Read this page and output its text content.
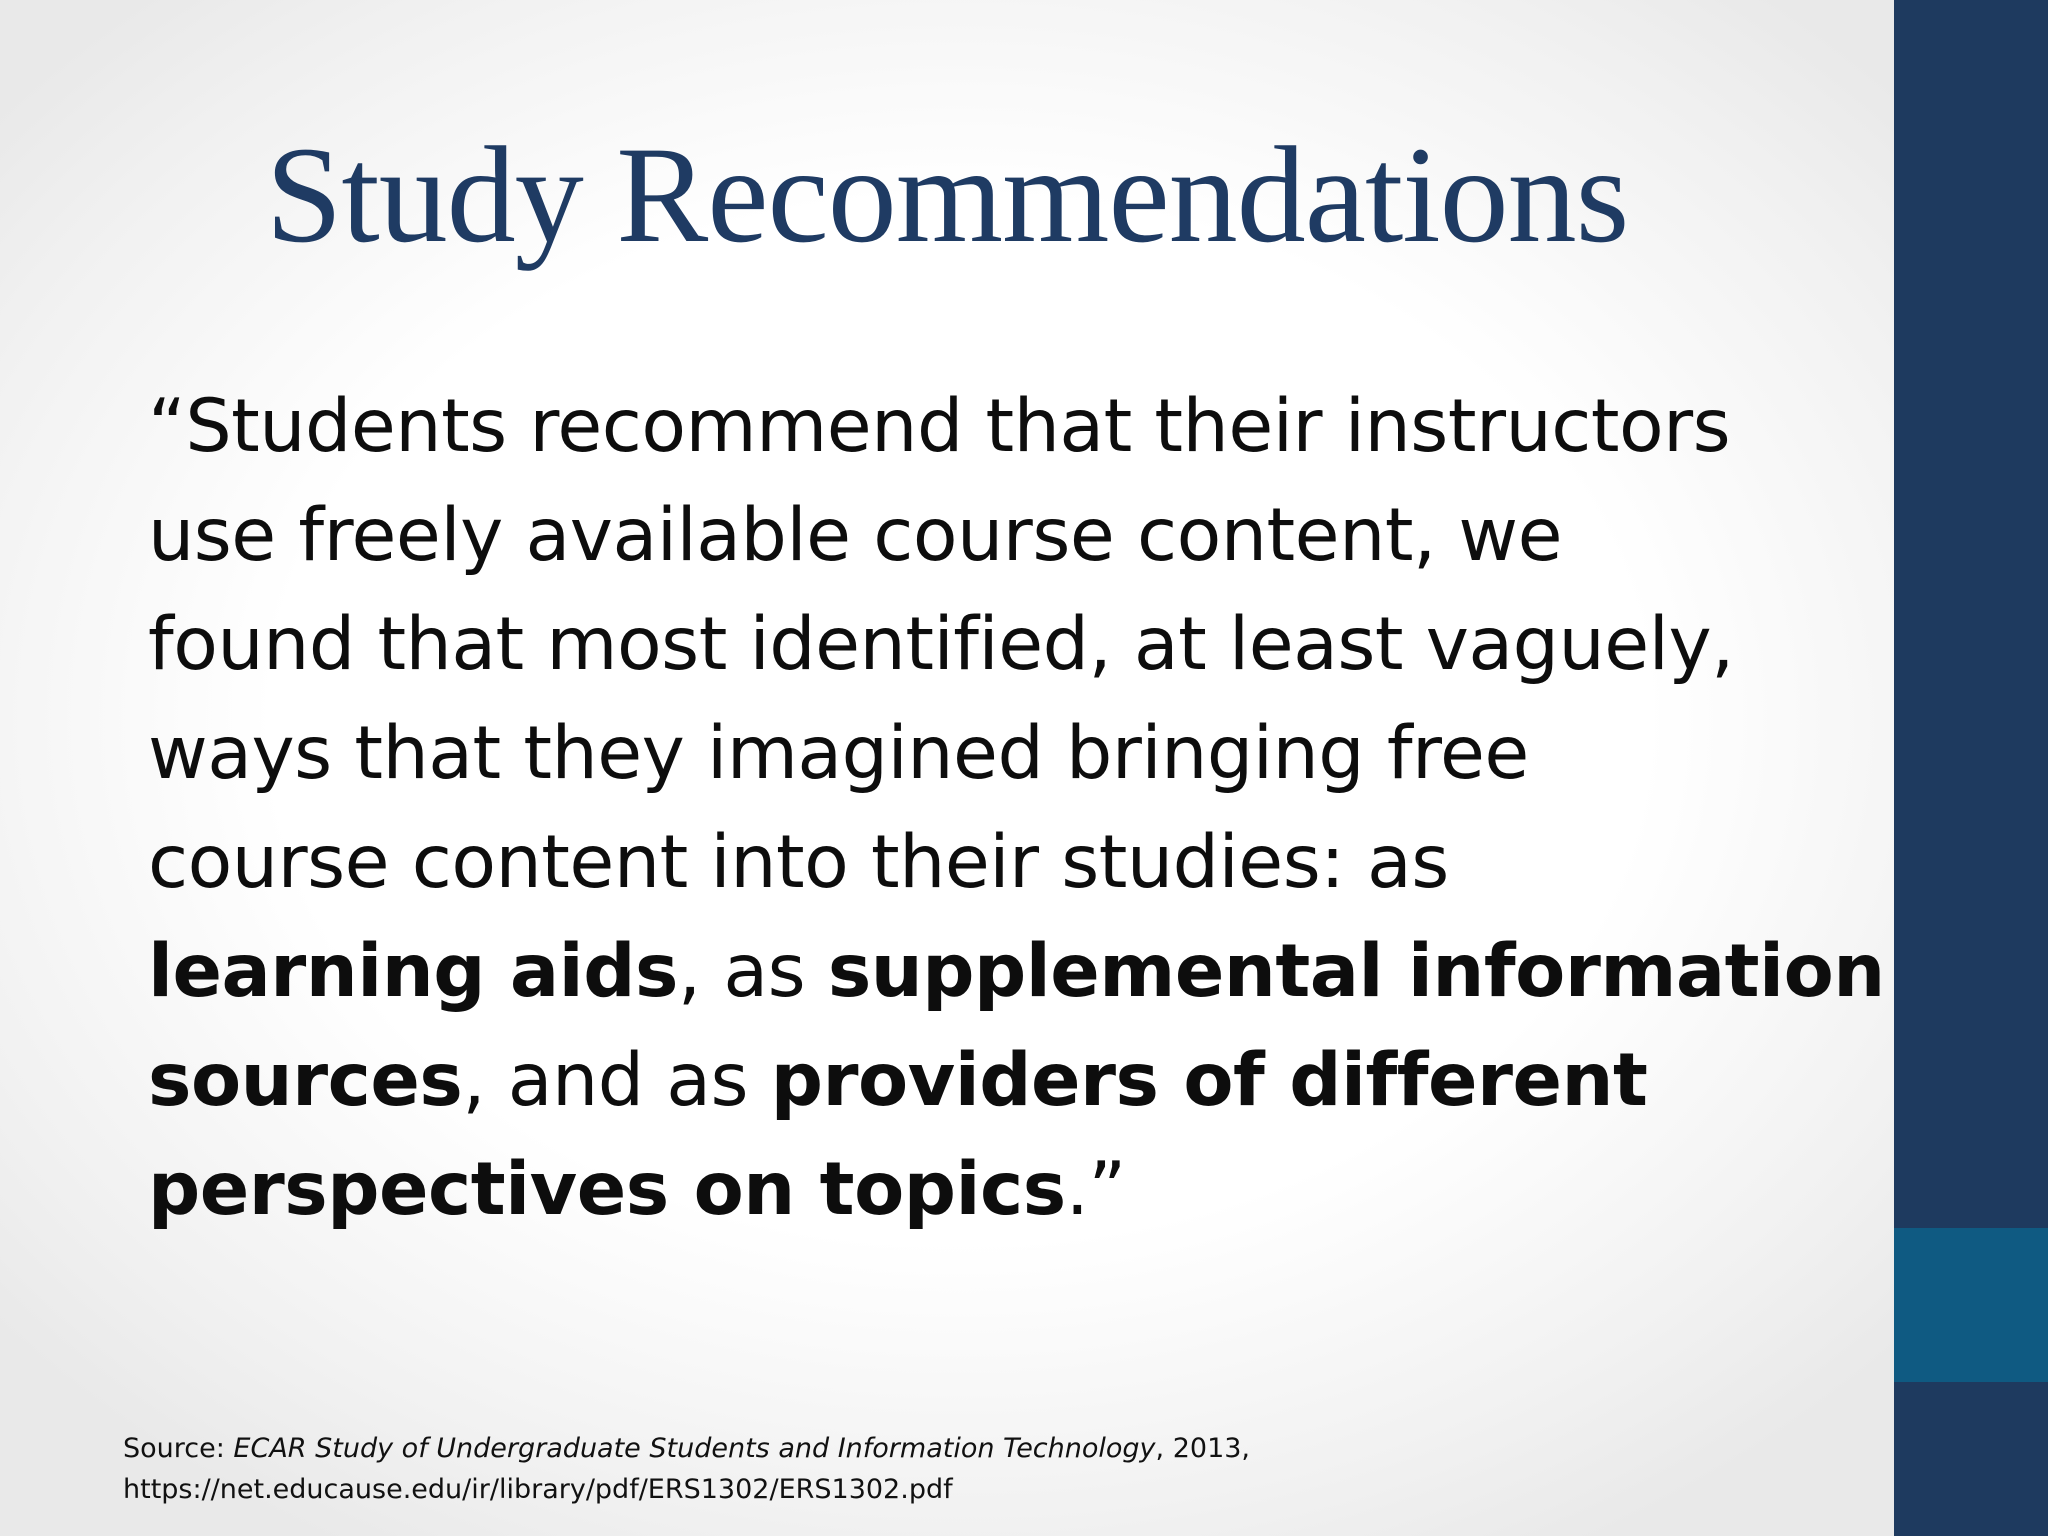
Study Recommendations
“Students recommend that their instructors
use freely available course content, we
found that most identified, at least vaguely,
ways that they imagined bringing free
course content into their studies: as
learning aids, as supplemental information
sources, and as providers of different
perspectives on topics.”
Source: ECAR Study of Undergraduate Students and Information Technology, 2013,
https://net.educause.edu/ir/library/pdf/ERS1302/ERS1302.pdf
